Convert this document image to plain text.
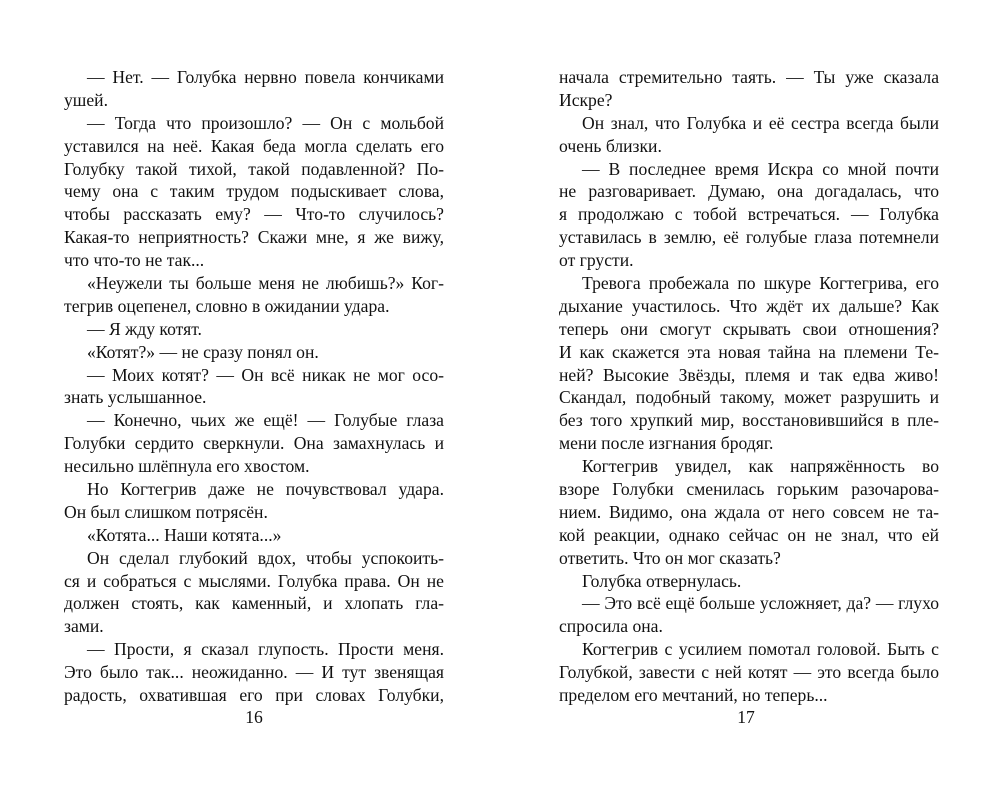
— Нет. — Голубка нервно повела кончиками
ушей.
— Тогда что произошло? — Он с мольбой
уставился на неё. Какая беда могла сделать его
Голубку такой тихой, такой подавленной? По-
чему она с таким трудом подыскивает слова,
чтобы рассказать ему? — Что-то случилось?
Какая-то неприятность? Скажи мне, я же вижу,
что что-то не так...
«Неужели ты больше меня не любишь?» Ког-
тегрив оцепенел, словно в ожидании удара.
— Я жду котят.
«Котят?» — не сразу понял он.
— Моих котят? — Он всё никак не мог осо-
знать услышанное.
— Конечно, чьих же ещё! — Голубые глаза
Голубки сердито сверкнули. Она замахнулась и
несильно шлёпнула его хвостом.
Но Когтегрив даже не почувствовал удара.
Он был слишком потрясён.
«Котята... Наши котята...»
Он сделал глубокий вдох, чтобы успокоить-
ся и собраться с мыслями. Голубка права. Он не
должен стоять, как каменный, и хлопать гла-
зами.
— Прости, я сказал глупость. Прости меня.
Это было так... неожиданно. — И тут звенящая
радость, охватившая его при словах Голубки,
начала стремительно таять. — Ты уже сказала
Искре?
Он знал, что Голубка и её сестра всегда были
очень близки.
— В последнее время Искра со мной почти
не разговаривает. Думаю, она догадалась, что
я продолжаю с тобой встречаться. — Голубка
уставилась в землю, её голубые глаза потемнели
от грусти.
Тревога пробежала по шкуре Когтегрива, его
дыхание участилось. Что ждёт их дальше? Как
теперь они смогут скрывать свои отношения?
И как скажется эта новая тайна на племени Те-
ней? Высокие Звёзды, племя и так едва живо!
Скандал, подобный такому, может разрушить и
без того хрупкий мир, восстановившийся в пле-
мени после изгнания бродяг.
Когтегрив увидел, как напряжённость во
взоре Голубки сменилась горьким разочарова-
нием. Видимо, она ждала от него совсем не та-
кой реакции, однако сейчас он не знал, что ей
ответить. Что он мог сказать?
Голубка отвернулась.
— Это всё ещё больше усложняет, да? — глухо
спросила она.
Когтегрив с усилием помотал головой. Быть с
Голубкой, завести с ней котят — это всегда было
пределом его мечтаний, но теперь...
16	17
